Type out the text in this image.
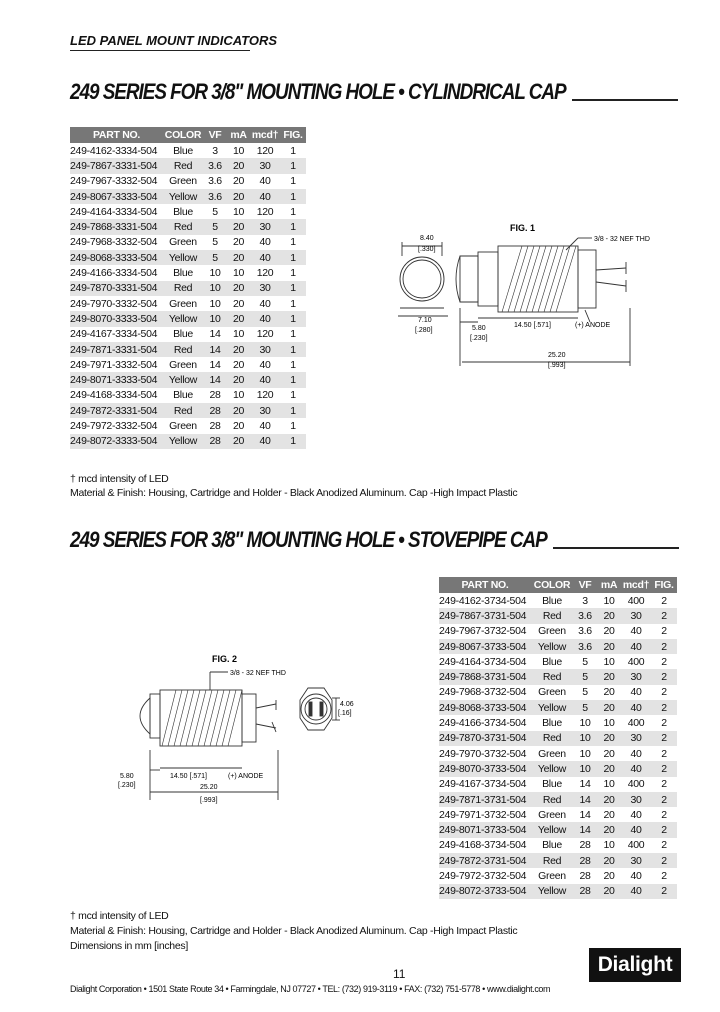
LED PANEL MOUNT INDICATORS
249 SERIES FOR 3/8" MOUNTING HOLE • CYLINDRICAL CAP
PART NO.	COLOR	VF	mA	mcd†	FIG.
249-4162-3334-504	Blue	3	10	120	1
249-7867-3331-504	Red	3.6	20	30	1
249-7967-3332-504	Green	3.6	20	40	1
249-8067-3333-504	Yellow	3.6	20	40	1
249-4164-3334-504	Blue	5	10	120	1
249-7868-3331-504	Red	5	20	30	1
249-7968-3332-504	Green	5	20	40	1
249-8068-3333-504	Yellow	5	20	40	1
249-4166-3334-504	Blue	10	10	120	1
249-7870-3331-504	Red	10	20	30	1
249-7970-3332-504	Green	10	20	40	1
249-8070-3333-504	Yellow	10	20	40	1
249-4167-3334-504	Blue	14	10	120	1
249-7871-3331-504	Red	14	20	30	1
249-7971-3332-504	Green	14	20	40	1
249-8071-3333-504	Yellow	14	20	40	1
249-4168-3334-504	Blue	28	10	120	1
249-7872-3331-504	Red	28	20	30	1
249-7972-3332-504	Green	28	20	40	1
249-8072-3333-504	Yellow	28	20	40	1
† mcd intensity of LED
Material & Finish: Housing, Cartridge and Holder - Black Anodized Aluminum. Cap -High Impact Plastic
FIG. 1
3/8 - 32 NEF THD
8.40
[.330]
7.10
[.280]	5.80
[.230]
14.50 [.571]	(+) ANODE
25.20
[.993]
249 SERIES FOR 3/8" MOUNTING HOLE • STOVEPIPE CAP
PART NO.	COLOR	VF	mA	mcd†	FIG.
249-4162-3734-504	Blue	3	10	400	2
249-7867-3731-504	Red	3.6	20	30	2
249-7967-3732-504	Green	3.6	20	40	2
249-8067-3733-504	Yellow	3.6	20	40	2
249-4164-3734-504	Blue	5	10	400	2
249-7868-3731-504	Red	5	20	30	2
249-7968-3732-504	Green	5	20	40	2
249-8068-3733-504	Yellow	5	20	40	2
249-4166-3734-504	Blue	10	10	400	2
249-7870-3731-504	Red	10	20	30	2
249-7970-3732-504	Green	10	20	40	2
249-8070-3733-504	Yellow	10	20	40	2
249-4167-3734-504	Blue	14	10	400	2
249-7871-3731-504	Red	14	20	30	2
249-7971-3732-504	Green	14	20	40	2
249-8071-3733-504	Yellow	14	20	40	2
249-4168-3734-504	Blue	28	10	400	2
249-7872-3731-504	Red	28	20	30	2
249-7972-3732-504	Green	28	20	40	2
249-8072-3733-504	Yellow	28	20	40	2
FIG. 2
3/8 - 32 NEF THD
4.06
[.16]
5.80
[.230]
14.50 [.571]	(+) ANODE
25.20
[.993]
† mcd intensity of LED
Material & Finish: Housing, Cartridge and Holder - Black Anodized Aluminum. Cap -High Impact Plastic
Dimensions in mm [inches]
11
Dialight Corporation • 1501 State Route 34 • Farmingdale, NJ 07727 • TEL: (732) 919-3119 • FAX: (732) 751-5778 • www.dialight.com
Dialight
